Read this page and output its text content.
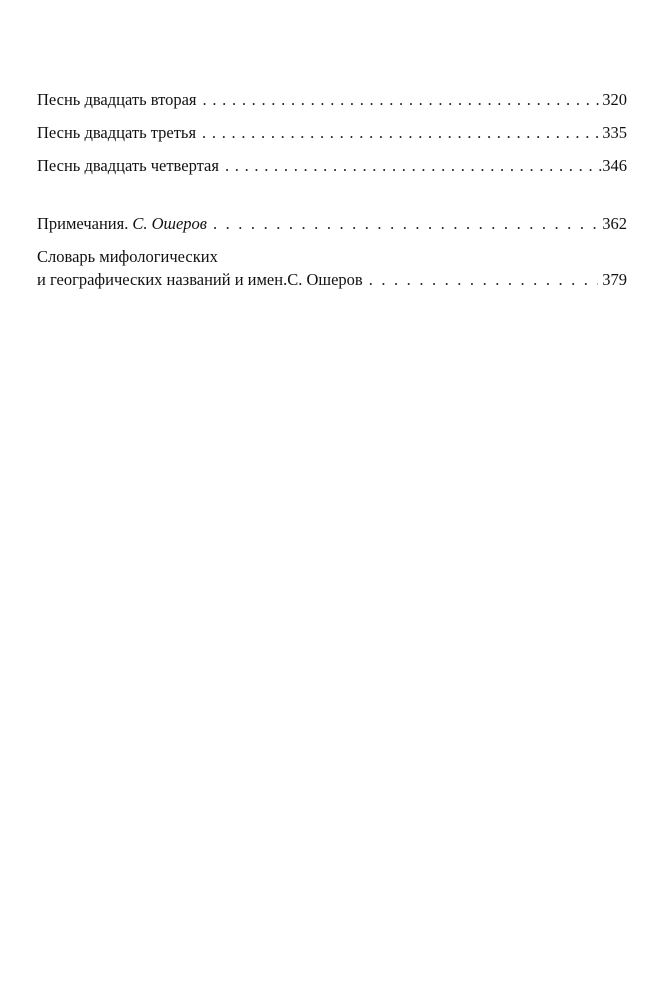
Песнь двадцать вторая .....	320
Песнь двадцать третья .....	335
Песнь двадцать четвертая .....	346
Примечания. С. Ошеров . . .	362
Словарь мифологических
и географических названий и имен. С. Ошеров . . .	379
